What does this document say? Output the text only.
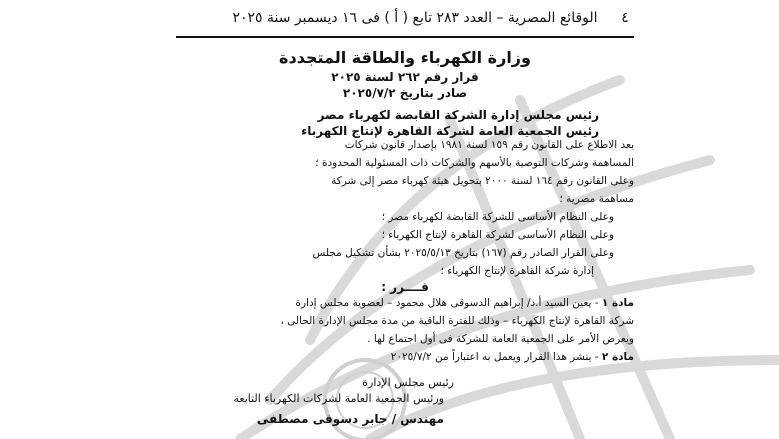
٤ الوقائع المصرية – العدد ٢٨٣ تابع ( أ ) فى ١٦ ديسمبر سنة ٢٠٢٥
وزارة الكهرباء والطاقة المتجددة
قرار رقم ٢٦٢ لسنة ٢٠٢٥
صادر بتاريخ ٢٠٢٥/٧/٢
رئيس مجلس إدارة الشركة القابضة لكهرباء مصر
رئيس الجمعية العامة لشركة القاهرة لإنتاج الكهرباء
بعد الاطلاع على القانون رقم ١٥٩ لسنة ١٩٨١ بإصدار قانون شركات
المساهمة وشركات التوصية بالأسهم والشركات ذات المسئولية المحدودة ؛
وعلى القانون رقم ١٦٤ لسنة ٢٠٠٠ بتحويل هيئة كهرباء مصر إلى شركة
مساهمة مصرية ؛
وعلى النظام الأساسى للشركة القابضة لكهرباء مصر ؛
وعلى النظام الأساسى لشركة القاهرة لإنتاج الكهرباء ؛
وعلى القرار الصادر رقم (١٦٧) بتاريخ ٢٠٢٥/٥/١٣ بشأن تشكيل مجلس
إدارة شركة القاهرة لإنتاج الكهرباء ؛
قــــرر :
مادة ١ - يعين السيد أ.د/ إبراهيم الدسوقى هلال محمود – لعضوية مجلس إدارة
شركة القاهرة لإنتاج الكهرباء – وذلك للفترة الباقية من مدة مجلس الإدارة الحالى ،
ويعرض الأمر على الجمعية العامة للشركة فى أول اجتماع لها .
مادة ٢ - ينشر هذا القرار ويعمل به اعتباراً من ٢٠٢٥/٧/٢
رئيس مجلس الإدارة
ورئيس الجمعية العامة لشركات الكهرباء التابعة
مهندس / جابر دسوقى مصطفى
